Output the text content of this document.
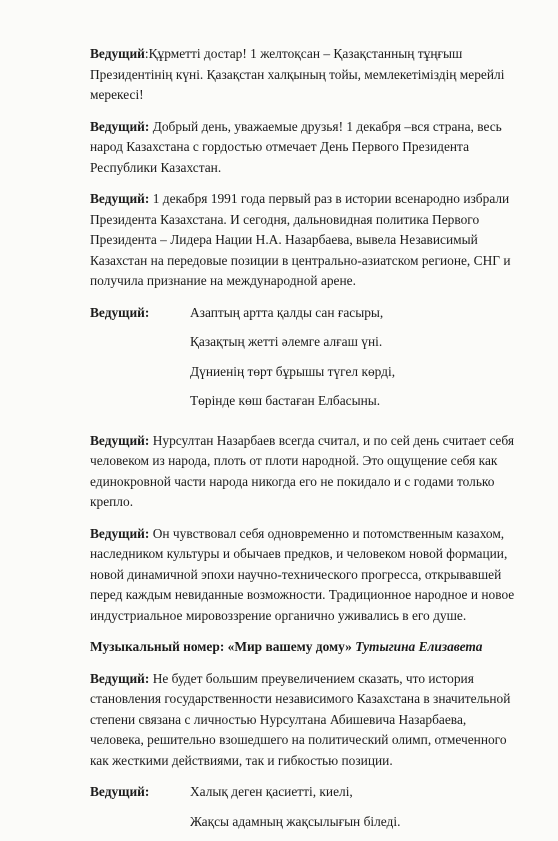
Ведущий:Құрметті достар! 1 желтоқсан – Қазақстанның тұңғыш Президентінің күні. Қазақстан халқының тойы, мемлекетіміздің мерейлі мерекесі!

Ведущий: Добрый день, уважаемые друзья! 1 декабря –вся страна, весь народ Казахстана с гордостью отмечает День Первого Президента Республики Казахстан.

Ведущий: 1 декабря 1991 года первый раз в истории всенародно избрали Президента Казахстана. И сегодня, дальновидная политика Первого Президента – Лидера Нации Н.А. Назарбаева, вывела Независимый Казахстан на передовые позиции в центрально-азиатском регионе, СНГ и получила признание на международной арене.

Ведущий:	Азаптың артта қалды сан ғасыры,
Қазақтың жетті әлемге алғаш үні.
Дүниенің төрт бұрышы түгел көрді,
Төрінде көш бастаған Елбасыны.

Ведущий: Нурсултан Назарбаев всегда считал, и по сей день считает себя человеком из народа, плоть от плоти народной. Это ощущение себя как единокровной части народа никогда его не покидало и с годами только крепло.

Ведущий: Он чувствовал себя одновременно и потомственным казахом, наследником культуры и обычаев предков, и человеком новой формации, новой динамичной эпохи научно-технического прогресса, открывавшей перед каждым невиданные возможности. Традиционное народное и новое индустриальное мировоззрение органично уживались в его душе.

Музыкальный номер: «Мир вашему дому» Тутыгина Елизавета

Ведущий: Не будет большим преувеличением сказать, что история становления государственности независимого Казахстана в значительной степени связана с личностью Нурсултана Абишевича Назарбаева, человека, решительно взошедшего на политический олимп, отмеченного как жесткими действиями, так и гибкостью позиции.

Ведущий:	Халық деген қасиетті, киелі,
Жақсы адамның жақсылығын біледі.
